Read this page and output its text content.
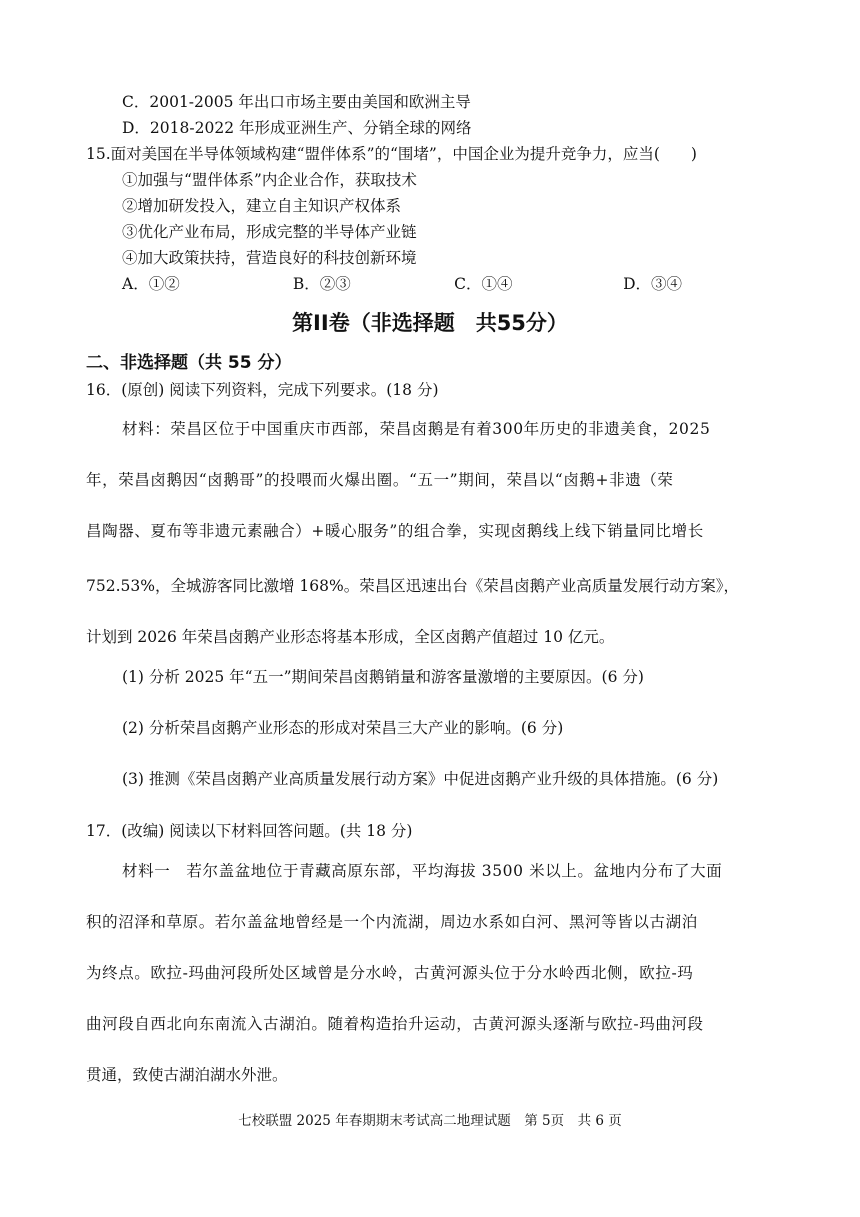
C．2001-2005 年出口市场主要由美国和欧洲主导
D．2018-2022 年形成亚洲生产、分销全球的网络
15.面对美国在半导体领域构建“盟伴体系”的“围堵”，中国企业为提升竞争力，应当(　　)
①加强与“盟伴体系”内企业合作，获取技术
②增加研发投入，建立自主知识产权体系
③优化产业布局，形成完整的半导体产业链
④加大政策扶持，营造良好的科技创新环境
A．①②	B．②③	C．①④	D．③④
第II卷（非选择题　共55分）
二、非选择题（共 55 分）
16．(原创) 阅读下列资料，完成下列要求。(18 分)
材料：荣昌区位于中国重庆市西部，荣昌卤鹅是有着300年历史的非遗美食，2025
年，荣昌卤鹅因“卤鹅哥”的投喂而火爆出圈。“五一”期间，荣昌以“卤鹅+非遗（荣
昌陶器、夏布等非遗元素融合）+暖心服务”的组合拳，实现卤鹅线上线下销量同比增长
752.53%，全城游客同比激增 168%。荣昌区迅速出台《荣昌卤鹅产业高质量发展行动方案》，
计划到 2026 年荣昌卤鹅产业形态将基本形成，全区卤鹅产值超过 10 亿元。
(1) 分析 2025 年“五一”期间荣昌卤鹅销量和游客量激增的主要原因。(6 分)
(2) 分析荣昌卤鹅产业形态的形成对荣昌三大产业的影响。(6 分)
(3) 推测《荣昌卤鹅产业高质量发展行动方案》中促进卤鹅产业升级的具体措施。(6 分)
17．(改编) 阅读以下材料回答问题。(共 18 分)
材料一　若尔盖盆地位于青藏高原东部，平均海拔 3500 米以上。盆地内分布了大面
积的沼泽和草原。若尔盖盆地曾经是一个内流湖，周边水系如白河、黑河等皆以古湖泊
为终点。欧拉-玛曲河段所处区域曾是分水岭，古黄河源头位于分水岭西北侧，欧拉-玛
曲河段自西北向东南流入古湖泊。随着构造抬升运动，古黄河源头逐渐与欧拉-玛曲河段
贯通，致使古湖泊湖水外泄。
七校联盟 2025 年春期期末考试高二地理试题　第 5页　共 6 页
